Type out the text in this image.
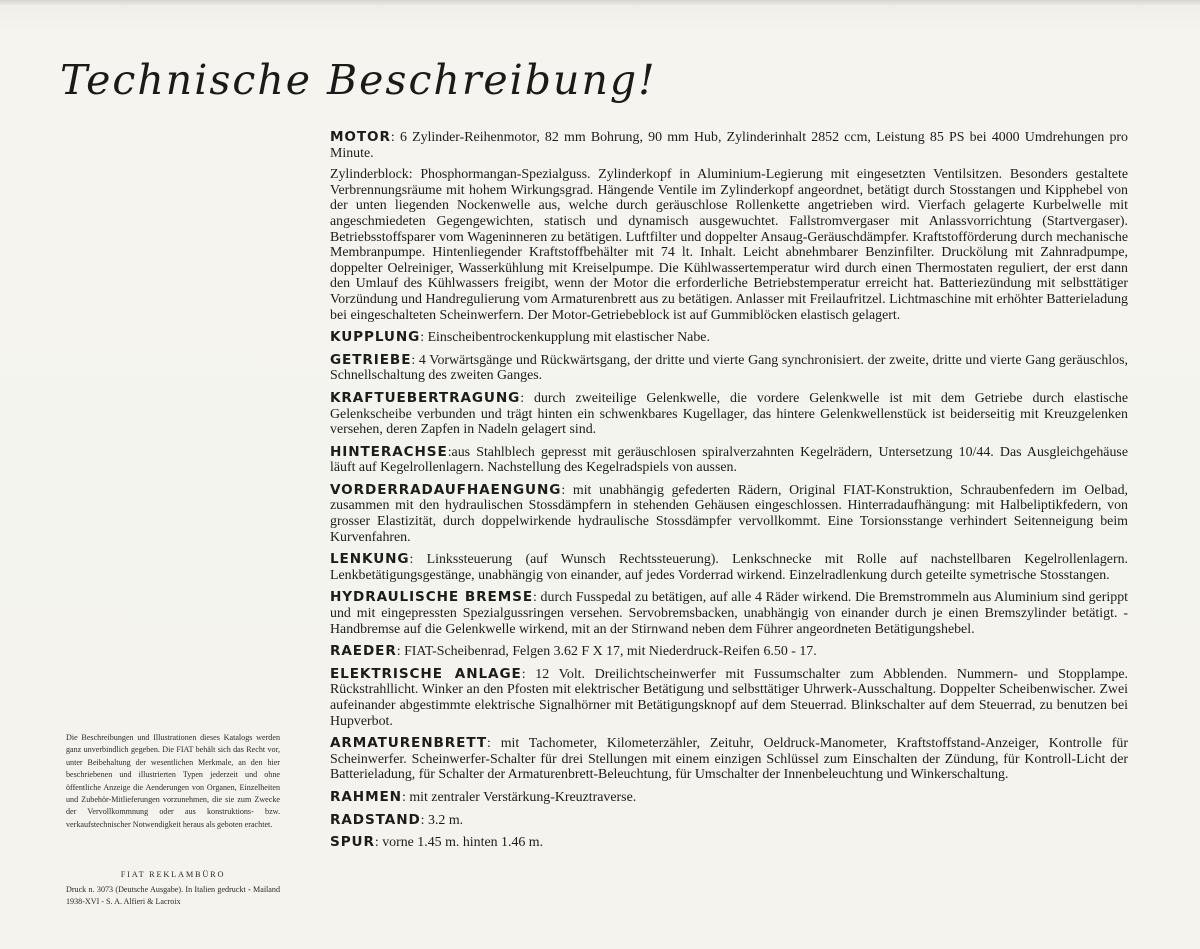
Technische Beschreibung!

MOTOR: 6 Zylinder-Reihenmotor, 82 mm Bohrung, 90 mm Hub, Zylinderinhalt 2852 ccm, Leistung 85 PS bei 4000 Umdrehungen pro Minute.

Zylinderblock: Phosphormangan-Spezialguss. Zylinderkopf in Aluminium-Legierung mit eingesetzten Ventilsitzen. Besonders gestaltete Verbrennungsräume mit hohem Wirkungsgrad. Hängende Ventile im Zylinderkopf angeordnet, betätigt durch Stosstangen und Kipphebel von der unten liegenden Nockenwelle aus, welche durch geräuschlose Rollenkette angetrieben wird. Vierfach gelagerte Kurbelwelle mit angeschmiedeten Gegengewichten, statisch und dynamisch ausgewuchtet. Fallstromvergaser mit Anlassvorrichtung (Startvergaser). Betriebsstoffsparer vom Wageninneren zu betätigen. Luftfilter und doppelter Ansaug-Geräuschdämpfer. Kraftstofförderung durch mechanische Membranpumpe. Hintenliegender Kraftstoffbehälter mit 74 lt. Inhalt. Leicht abnehmbarer Benzinfilter. Druckölung mit Zahnradpumpe, doppelter Oelreiniger, Wasserkühlung mit Kreiselpumpe. Die Kühlwassertemperatur wird durch einen Thermostaten reguliert, der erst dann den Umlauf des Kühlwassers freigibt, wenn der Motor die erforderliche Betriebstemperatur erreicht hat. Batteriezündung mit selbsttätiger Vorzündung und Handregulierung vom Armaturenbrett aus zu betätigen. Anlasser mit Freilaufritzel. Lichtmaschine mit erhöhter Batterieladung bei eingeschalteten Scheinwerfern. Der Motor-Getriebeblock ist auf Gummiblöcken elastisch gelagert.

KUPPLUNG: Einscheibentrockenkupplung mit elastischer Nabe.

GETRIEBE: 4 Vorwärtsgänge und Rückwärtsgang, der dritte und vierte Gang synchronisiert. der zweite, dritte und vierte Gang geräuschlos, Schnellschaltung des zweiten Ganges.

KRAFTUEBERTRAGUNG: durch zweiteilige Gelenkwelle, die vordere Gelenkwelle ist mit dem Getriebe durch elastische Gelenkscheibe verbunden und trägt hinten ein schwenkbares Kugellager, das hintere Gelenkwellenstück ist beiderseitig mit Kreuzgelenken versehen, deren Zapfen in Nadeln gelagert sind.

HINTERACHSE:aus Stahlblech gepresst mit geräuschlosen spiralverzahnten Kegelrädern, Untersetzung 10/44. Das Ausgleichgehäuse läuft auf Kegelrollenlagern. Nachstellung des Kegelradspiels von aussen.

VORDERRADAUFHAENGUNG: mit unabhängig gefederten Rädern, Original FIAT-Konstruktion, Schraubenfedern im Oelbad, zusammen mit den hydraulischen Stossdämpfern in stehenden Gehäusen eingeschlossen. Hinterradaufhängung: mit Halbeliptikfedern, von grosser Elastizität, durch doppelwirkende hydraulische Stossdämpfer vervollkommt. Eine Torsionsstange verhindert Seitenneigung beim Kurvenfahren.

LENKUNG: Linkssteuerung (auf Wunsch Rechtssteuerung). Lenkschnecke mit Rolle auf nachstellbaren Kegelrollenlagern. Lenkbetätigungsgestänge, unabhängig von einander, auf jedes Vorderrad wirkend. Einzelradlenkung durch geteilte symetrische Stosstangen.

HYDRAULISCHE BREMSE: durch Fusspedal zu betätigen, auf alle 4 Räder wirkend. Die Bremstrommeln aus Aluminium sind gerippt und mit eingepressten Spezialgussringen versehen. Servobremsbacken, unabhängig von einander durch je einen Bremszylinder betätigt. - Handbremse auf die Gelenkwelle wirkend, mit an der Stirnwand neben dem Führer angeordneten Betätigungshebel.

RAEDER: FIAT-Scheibenrad, Felgen 3.62 F X 17, mit Niederdruck-Reifen 6.50 - 17.

ELEKTRISCHE ANLAGE: 12 Volt. Dreilichtscheinwerfer mit Fussumschalter zum Abblenden. Nummern- und Stopplampe. Rückstrahllicht. Winker an den Pfosten mit elektrischer Betätigung und selbsttätiger Uhrwerk-Ausschaltung. Doppelter Scheibenwischer. Zwei aufeinander abgestimmte elektrische Signalhörner mit Betätigungsknopf auf dem Steuerrad. Blinkschalter auf dem Steuerrad, zu benutzen bei Hupverbot.

ARMATURENBRETT: mit Tachometer, Kilometerzähler, Zeituhr, Oeldruck-Manometer, Kraftstoffstand-Anzeiger, Kontrolle für Scheinwerfer. Scheinwerfer-Schalter für drei Stellungen mit einem einzigen Schlüssel zum Einschalten der Zündung, für Kontroll-Licht der Batterieladung, für Schalter der Armaturenbrett-Beleuchtung, für Umschalter der Innenbeleuchtung und Winkerschaltung.

RAHMEN: mit zentraler Verstärkung-Kreuztraverse.

RADSTAND: 3.2 m.

SPUR: vorne 1.45 m. hinten 1.46 m.

Die Beschreibungen und Illustrationen dieses Katalogs werden ganz unverbindlich gegeben. Die FIAT behält sich das Recht vor, unter Beibehaltung der wesentlichen Merkmale, an den hier beschriebenen und illustrierten Typen jederzeit und ohne öffentliche Anzeige die Aenderungen von Organen, Einzelheiten und Zubehör-Mitlieferungen vorzunehmen, die sie zum Zwecke der Vervollkommnung oder aus konstruktions- bzw. verkaufstechnischer Notwendigkeit heraus als geboten erachtet.
FIAT REKLAMBÜRO
Druck n. 3073 (Deutsche Ausgabe). In Italien gedruckt - Mailand 1938-XVI - S. A. Alfieri & Lacroix
